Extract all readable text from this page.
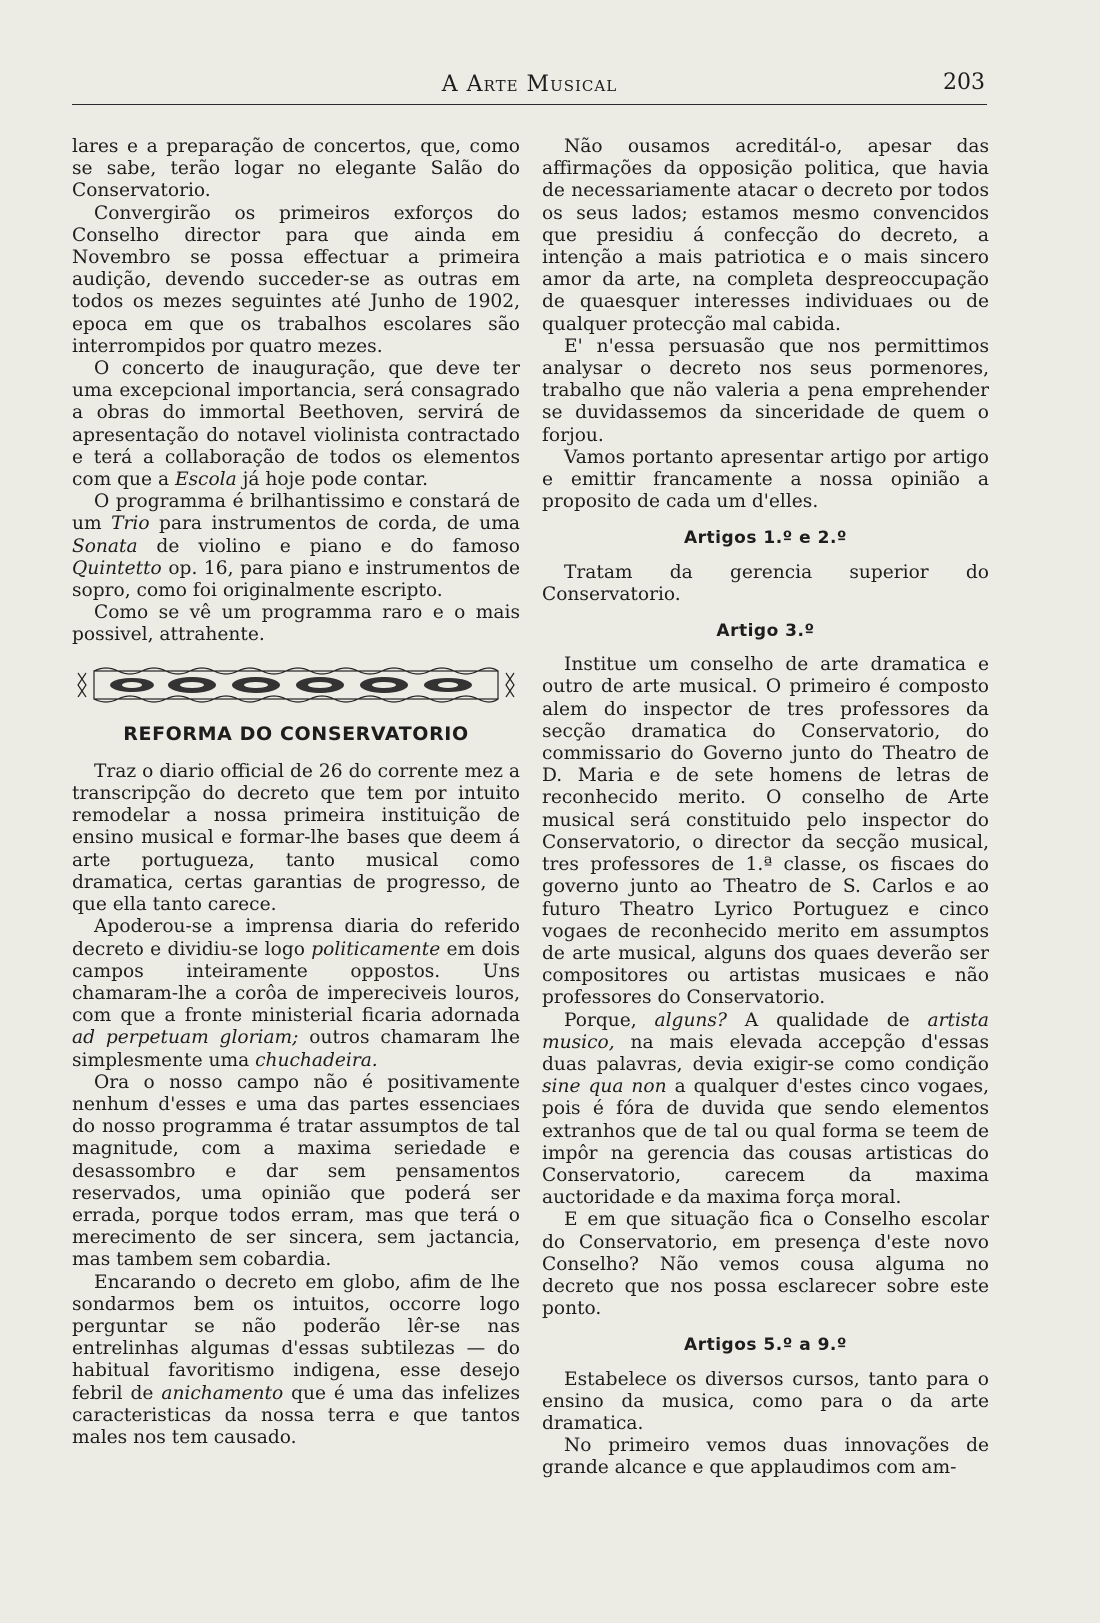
A Arte Musical	203

lares e a preparação de concertos, que, como se sabe, terão logar no elegante Salão do Conservatorio.

Convergirão os primeiros exforços do Conselho director para que ainda em Novembro se possa effectuar a primeira audição, devendo succeder-se as outras em todos os mezes seguintes até Junho de 1902, epoca em que os trabalhos escolares são interrompidos por quatro mezes.

O concerto de inauguração, que deve ter uma excepcional importancia, será consagrado a obras do immortal Beethoven, servirá de apresentação do notavel violinista contractado e terá a collaboração de todos os elementos com que a Escola já hoje pode contar.

O programma é brilhantissimo e constará de um Trio para instrumentos de corda, de uma Sonata de violino e piano e do famoso Quintetto op. 16, para piano e instrumentos de sopro, como foi originalmente escripto.

Como se vê um programma raro e o mais possivel, attrahente.

REFORMA DO CONSERVATORIO

Traz o diario official de 26 do corrente mez a transcripção do decreto que tem por intuito remodelar a nossa primeira instituição de ensino musical e formar-lhe bases que deem á arte portugueza, tanto musical como dramatica, certas garantias de progresso, de que ella tanto carece.

Apoderou-se a imprensa diaria do referido decreto e dividiu-se logo politicamente em dois campos inteiramente oppostos. Uns chamaram-lhe a corôa de impereciveis louros, com que a fronte ministerial ficaria adornada ad perpetuam gloriam; outros chamaram lhe simplesmente uma chuchadeira.

Ora o nosso campo não é positivamente nenhum d'esses e uma das partes essenciaes do nosso programma é tratar assumptos de tal magnitude, com a maxima seriedade e desassombro e dar sem pensamentos reservados, uma opinião que poderá ser errada, porque todos erram, mas que terá o merecimento de ser sincera, sem jactancia, mas tambem sem cobardia.

Encarando o decreto em globo, afim de lhe sondarmos bem os intuitos, occorre logo perguntar se não poderão lêr-se nas entrelinhas algumas d'essas subtilezas — do habitual favoritismo indigena, esse desejo febril de anichamento que é uma das infelizes caracteristicas da nossa terra e que tantos males nos tem causado.

Não ousamos acreditál-o, apesar das affirmações da opposição politica, que havia de necessariamente atacar o decreto por todos os seus lados; estamos mesmo convencidos que presidiu á confecção do decreto, a intenção a mais patriotica e o mais sincero amor da arte, na completa despreoccupação de quaesquer interesses individuaes ou de qualquer protecção mal cabida.

E' n'essa persuasão que nos permittimos analysar o decreto nos seus pormenores, trabalho que não valeria a pena emprehender se duvidassemos da sinceridade de quem o forjou.

Vamos portanto apresentar artigo por artigo e emittir francamente a nossa opinião a proposito de cada um d'elles.

Artigos 1.º e 2.º

Tratam da gerencia superior do Conservatorio.

Artigo 3.º

Institue um conselho de arte dramatica e outro de arte musical. O primeiro é composto alem do inspector de tres professores da secção dramatica do Conservatorio, do commissario do Governo junto do Theatro de D. Maria e de sete homens de letras de reconhecido merito. O conselho de Arte musical será constituido pelo inspector do Conservatorio, o director da secção musical, tres professores de 1.ª classe, os fiscaes do governo junto ao Theatro de S. Carlos e ao futuro Theatro Lyrico Portuguez e cinco vogaes de reconhecido merito em assumptos de arte musical, alguns dos quaes deverão ser compositores ou artistas musicaes e não professores do Conservatorio.

Porque, alguns? A qualidade de artista musico, na mais elevada accepção d'essas duas palavras, devia exigir-se como condição sine qua non a qualquer d'estes cinco vogaes, pois é fóra de duvida que sendo elementos extranhos que de tal ou qual forma se teem de impôr na gerencia das cousas artisticas do Conservatorio, carecem da maxima auctoridade e da maxima força moral.

E em que situação fica o Conselho escolar do Conservatorio, em presença d'este novo Conselho? Não vemos cousa alguma no decreto que nos possa esclarecer sobre este ponto.

Artigos 5.º a 9.º

Estabelece os diversos cursos, tanto para o ensino da musica, como para o da arte dramatica.

No primeiro vemos duas innovações de grande alcance e que applaudimos com am-
